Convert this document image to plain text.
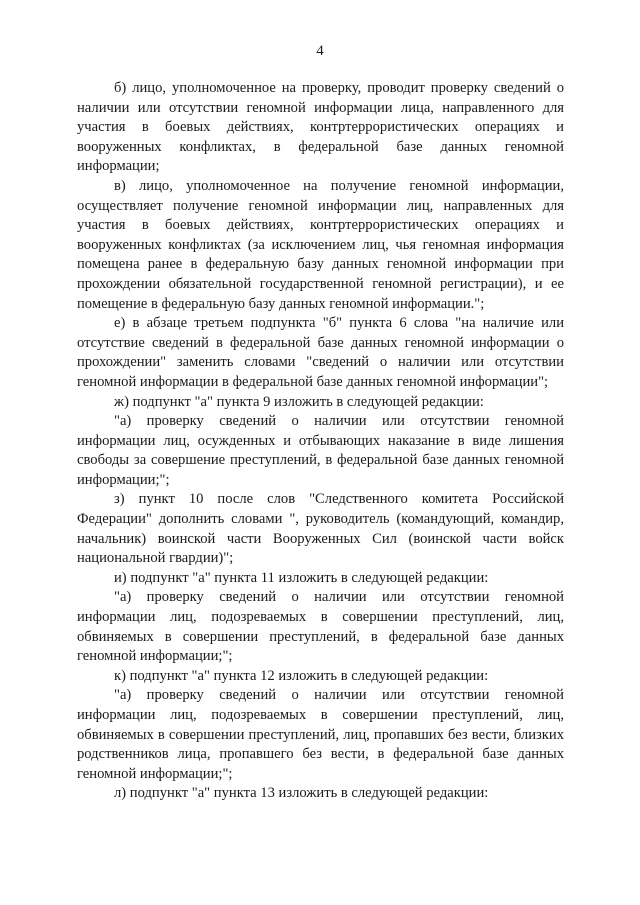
4

б) лицо, уполномоченное на проверку, проводит проверку сведений о наличии или отсутствии геномной информации лица, направленного для участия в боевых действиях, контртеррористических операциях и вооруженных конфликтах, в федеральной базе данных геномной информации;

в) лицо, уполномоченное на получение геномной информации, осуществляет получение геномной информации лиц, направленных для участия в боевых действиях, контртеррористических операциях и вооруженных конфликтах (за исключением лиц, чья геномная информация помещена ранее в федеральную базу данных геномной информации при прохождении обязательной государственной геномной регистрации), и ее помещение в федеральную базу данных геномной информации.";

е) в абзаце третьем подпункта "б" пункта 6 слова "на наличие или отсутствие сведений в федеральной базе данных геномной информации о прохождении" заменить словами "сведений о наличии или отсутствии геномной информации в федеральной базе данных геномной информации";

ж) подпункт "а" пункта 9 изложить в следующей редакции:

"а) проверку сведений о наличии или отсутствии геномной информации лиц, осужденных и отбывающих наказание в виде лишения свободы за совершение преступлений, в федеральной базе данных геномной информации;";

з) пункт 10 после слов "Следственного комитета Российской Федерации" дополнить словами ", руководитель (командующий, командир, начальник) воинской части Вооруженных Сил (воинской части войск национальной гвардии)";

и) подпункт "а" пункта 11 изложить в следующей редакции:

"а) проверку сведений о наличии или отсутствии геномной информации лиц, подозреваемых в совершении преступлений, лиц, обвиняемых в совершении преступлений, в федеральной базе данных геномной информации;";

к) подпункт "а" пункта 12 изложить в следующей редакции:

"а) проверку сведений о наличии или отсутствии геномной информации лиц, подозреваемых в совершении преступлений, лиц, обвиняемых в совершении преступлений, лиц, пропавших без вести, близких родственников лица, пропавшего без вести, в федеральной базе данных геномной информации;";

л) подпункт "а" пункта 13 изложить в следующей редакции:
